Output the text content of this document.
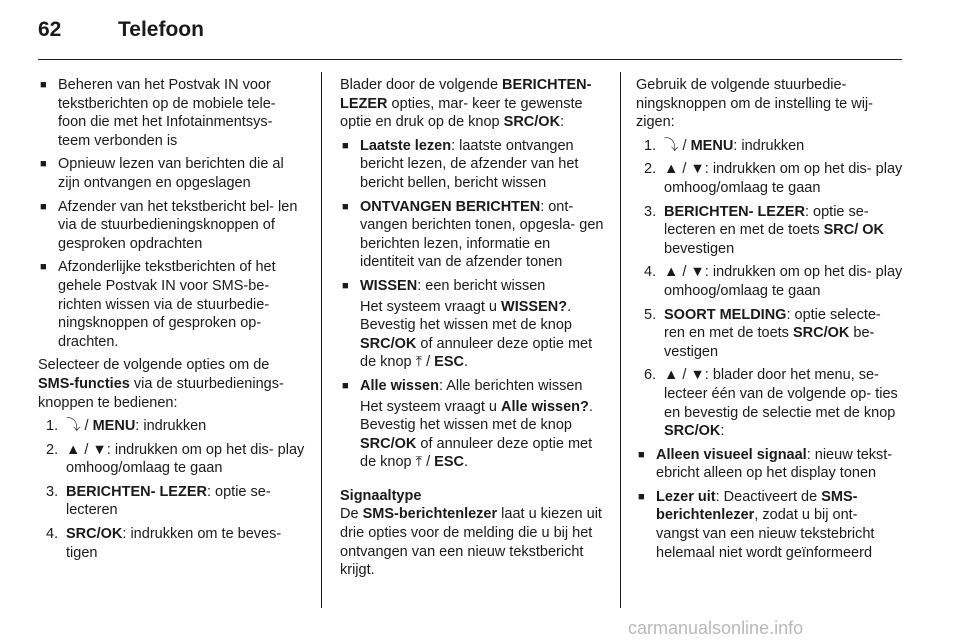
62	Telefoon

■ Beheren van het Postvak IN voor tekstberichten op de mobiele tele- foon die met het Infotainmentsys- teem verbonden is

■ Opnieuw lezen van berichten die al zijn ontvangen en opgeslagen

■ Afzender van het tekstbericht bel- len via de stuurbedieningsknoppen of gesproken opdrachten

■ Afzonderlijke tekstberichten of het gehele Postvak IN voor SMS-be- richten wissen via de stuurbedie- ningsknoppen of gesproken op- drachten.

Selecteer de volgende opties om de SMS-functies via de stuurbedienings- knoppen te bedienen:

1. ⤵ / MENU: indrukken

2. ▲ / ▼: indrukken om op het dis- play omhoog/omlaag te gaan

3. BERICHTEN- LEZER: optie se- lecteren

4. SRC/OK: indrukken om te beves- tigen

Blader door de volgende BERICHTEN- LEZER opties, mar- keer te gewenste optie en druk op de knop SRC/OK:

■ Laatste lezen: laatste ontvangen bericht lezen, de afzender van het bericht bellen, bericht wissen

■ ONTVANGEN BERICHTEN: ont- vangen berichten tonen, opgesla- gen berichten lezen, informatie en identiteit van de afzender tonen

■ WISSEN: een bericht wissen

Het systeem vraagt u WISSEN?. Bevestig het wissen met de knop SRC/OK of annuleer deze optie met de knop ⤒ / ESC.

■ Alle wissen: Alle berichten wissen

Het systeem vraagt u Alle wissen?. Bevestig het wissen met de knop SRC/OK of annuleer deze optie met de knop ⤒ / ESC.

Signaaltype

De SMS-berichtenlezer laat u kiezen uit drie opties voor de melding die u bij het ontvangen van een nieuw tekstbericht krijgt.

Gebruik de volgende stuurbedie- ningsknoppen om de instelling te wij- zigen:

1. ⤵ / MENU: indrukken

2. ▲ / ▼: indrukken om op het dis- play omhoog/omlaag te gaan

3. BERICHTEN- LEZER: optie se- lecteren en met de toets SRC/ OK bevestigen

4. ▲ / ▼: indrukken om op het dis- play omhoog/omlaag te gaan

5. SOORT MELDING: optie selecte- ren en met de toets SRC/OK be- vestigen

6. ▲ / ▼: blader door het menu, se- lecteer één van de volgende op- ties en bevestig de selectie met de knop SRC/OK:

■ Alleen visueel signaal: nieuw tekst- ebricht alleen op het display tonen

■ Lezer uit: Deactiveert de SMS- berichtenlezer, zodat u bij ont- vangst van een nieuw tekstebricht helemaal niet wordt geïnformeerd

carmanualsonline.info
